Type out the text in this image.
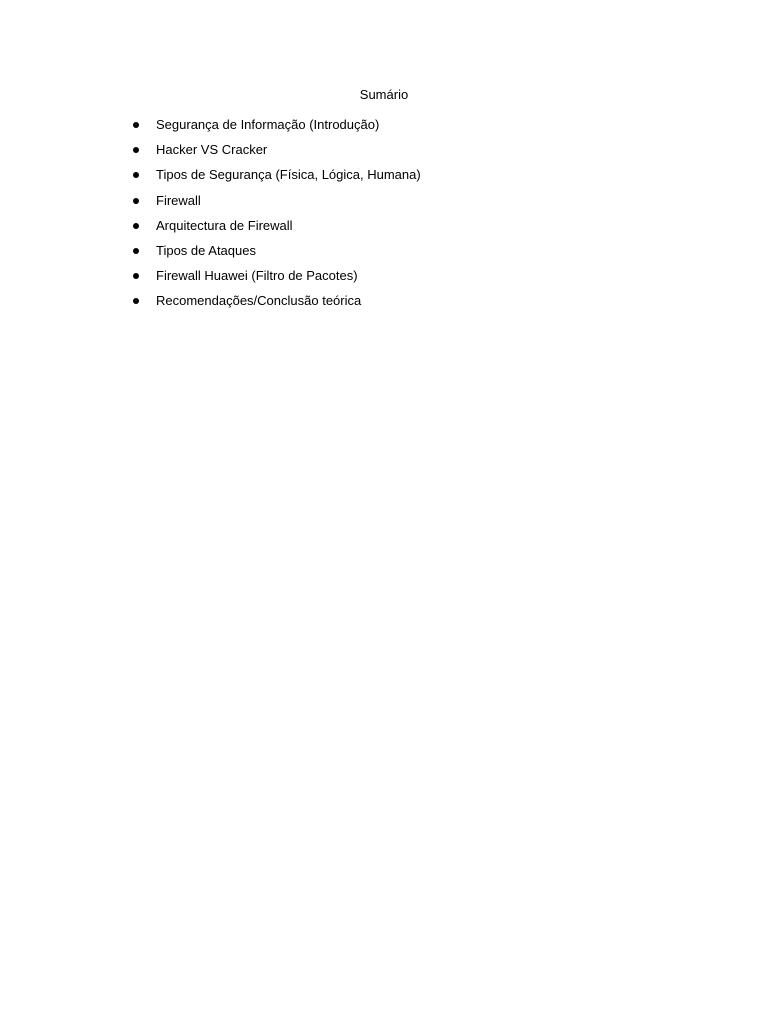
Sumário
Segurança de Informação (Introdução)
Hacker VS Cracker
Tipos de Segurança (Física, Lógica, Humana)
Firewall
Arquitectura de Firewall
Tipos de Ataques
Firewall Huawei (Filtro de Pacotes)
Recomendações/Conclusão teórica
